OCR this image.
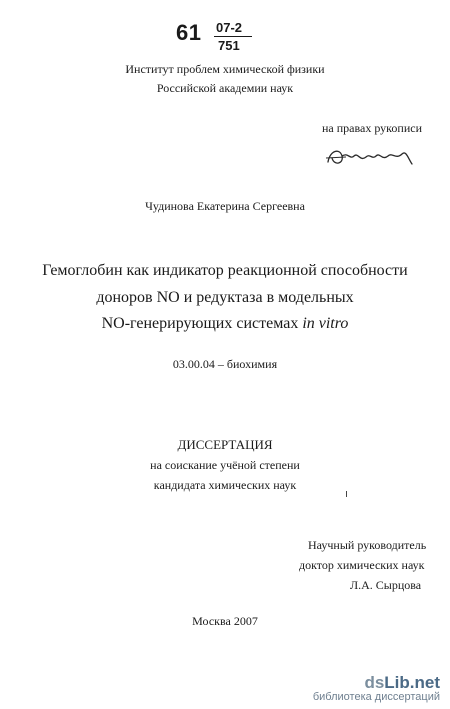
61 07-2
751
Институт проблем химической физики
Российской академии наук
на правах рукописи
Чудинова Екатерина Сергеевна
Гемоглобин как индикатор реакционной способности
доноров NO и редуктаза в модельных
NO-генерирующих системах in vitro
03.00.04 – биохимия
ДИССЕРТАЦИЯ
на соискание учёной степени
кандидата химических наук
Научный руководитель
доктор химических наук
Л.А. Сырцова
Москва 2007
dsLib.net
библиотека диссертаций
